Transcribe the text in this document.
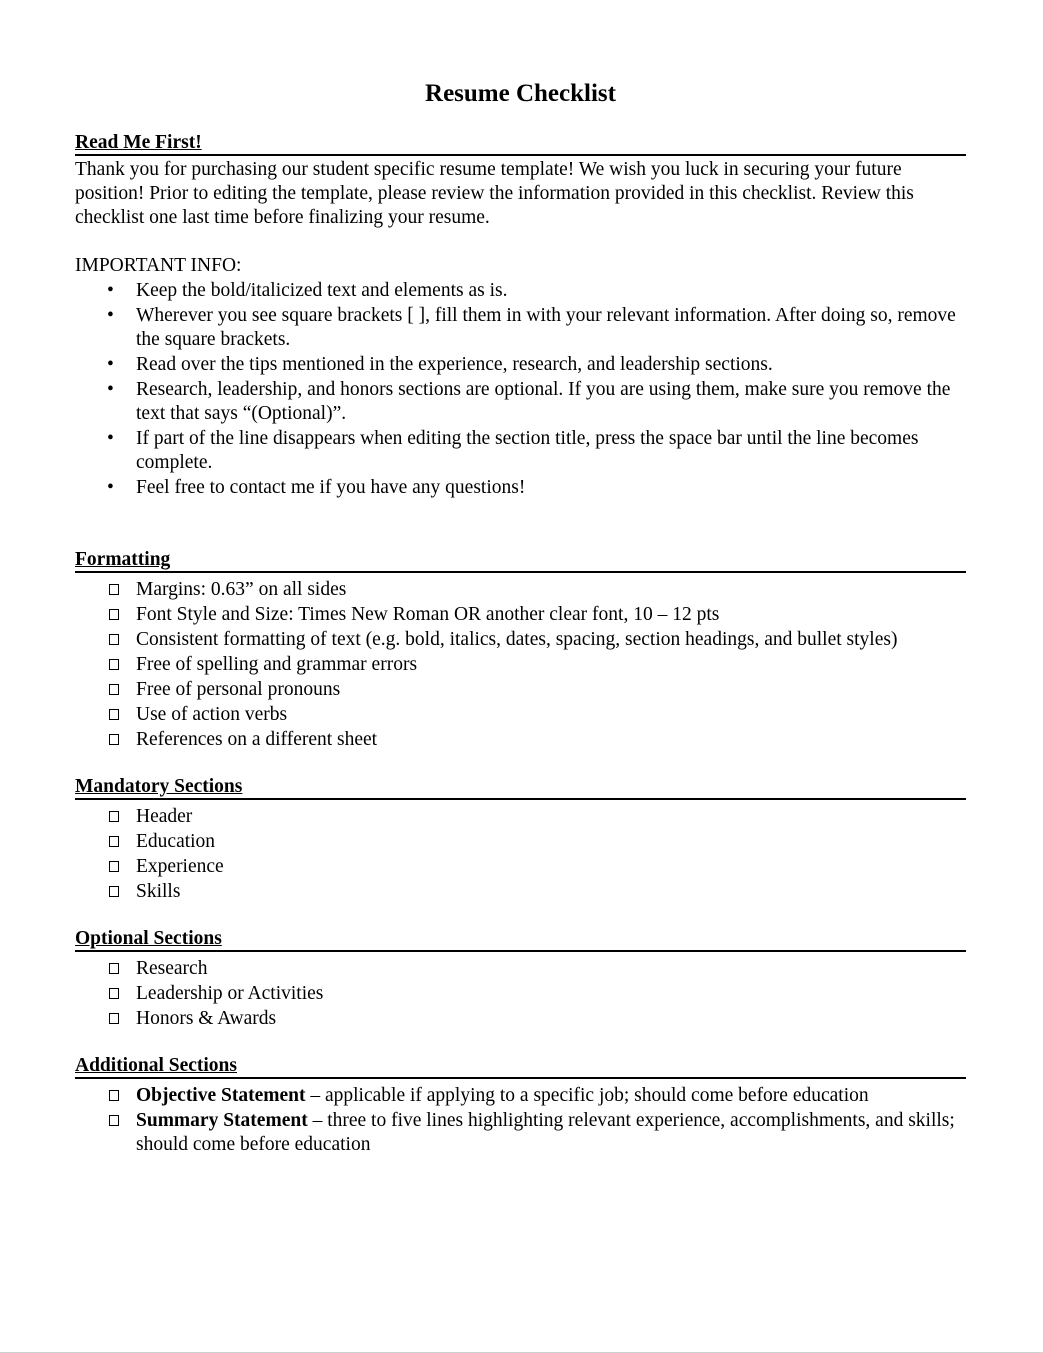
Resume Checklist
Read Me First!
Thank you for purchasing our student specific resume template! We wish you luck in securing your future position! Prior to editing the template, please review the information provided in this checklist. Review this checklist one last time before finalizing your resume.
IMPORTANT INFO:
• Keep the bold/italicized text and elements as is.
• Wherever you see square brackets [ ], fill them in with your relevant information. After doing so, remove the square brackets.
• Read over the tips mentioned in the experience, research, and leadership sections.
• Research, leadership, and honors sections are optional. If you are using them, make sure you remove the text that says “(Optional)”.
• If part of the line disappears when editing the section title, press the space bar until the line becomes complete.
• Feel free to contact me if you have any questions!
Formatting
Margins: 0.63” on all sides
Font Style and Size: Times New Roman OR another clear font, 10 – 12 pts
Consistent formatting of text (e.g. bold, italics, dates, spacing, section headings, and bullet styles)
Free of spelling and grammar errors
Free of personal pronouns
Use of action verbs
References on a different sheet
Mandatory Sections
Header
Education
Experience
Skills
Optional Sections
Research
Leadership or Activities
Honors & Awards
Additional Sections
Objective Statement – applicable if applying to a specific job; should come before education
Summary Statement – three to five lines highlighting relevant experience, accomplishments, and skills; should come before education
